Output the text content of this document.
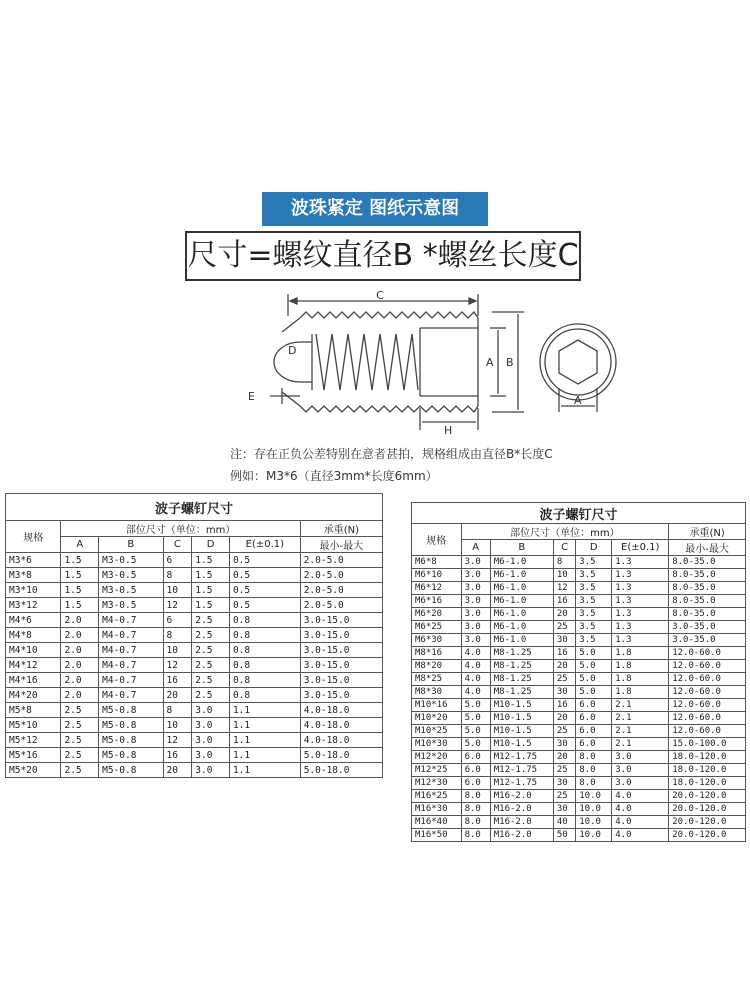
波珠紧定 图纸示意图
尺寸=螺纹直径B *螺丝长度C
C
D
A B
E
H
A
注：存在正负公差特别在意者甚拍，规格组成由直径B*长度C
例如：M3*6（直径3mm*长度6mm）
波子螺钉尺寸						
规格	部位尺寸（单位：mm）					承重(N)
	A	B	C	D	E(±0.1)	最小-最大
M3*6	1.5	M3-0.5	6	1.5	0.5	2.0-5.0
M3*8	1.5	M3-0.5	8	1.5	0.5	2.0-5.0
M3*10	1.5	M3-0.5	10	1.5	0.5	2.0-5.0
M3*12	1.5	M3-0.5	12	1.5	0.5	2.0-5.0
M4*6	2.0	M4-0.7	6	2.5	0.8	3.0-15.0
M4*8	2.0	M4-0.7	8	2.5	0.8	3.0-15.0
M4*10	2.0	M4-0.7	10	2.5	0.8	3.0-15.0
M4*12	2.0	M4-0.7	12	2.5	0.8	3.0-15.0
M4*16	2.0	M4-0.7	16	2.5	0.8	3.0-15.0
M4*20	2.0	M4-0.7	20	2.5	0.8	3.0-15.0
M5*8	2.5	M5-0.8	8	3.0	1.1	4.0-18.0
M5*10	2.5	M5-0.8	10	3.0	1.1	4.0-18.0
M5*12	2.5	M5-0.8	12	3.0	1.1	4.0-18.0
M5*16	2.5	M5-0.8	16	3.0	1.1	5.0-18.0
M5*20	2.5	M5-0.8	20	3.0	1.1	5.0-18.0
波子螺钉尺寸						
规格	部位尺寸（单位：mm）					承重(N)
	A	B	C	D	E(±0.1)	最小-最大
M6*8	3.0	M6-1.0	8	3.5	1.3	8.0-35.0
M6*10	3.0	M6-1.0	10	3.5	1.3	8.0-35.0
M6*12	3.0	M6-1.0	12	3.5	1.3	8.0-35.0
M6*16	3.0	M6-1.0	16	3.5	1.3	8.0-35.0
M6*20	3.0	M6-1.0	20	3.5	1.3	8.0-35.0
M6*25	3.0	M6-1.0	25	3.5	1.3	3.0-35.0
M6*30	3.0	M6-1.0	30	3.5	1.3	3.0-35.0
M8*16	4.0	M8-1.25	16	5.0	1.8	12.0-60.0
M8*20	4.0	M8-1.25	20	5.0	1.8	12.0-60.0
M8*25	4.0	M8-1.25	25	5.0	1.8	12.0-60.0
M8*30	4.0	M8-1.25	30	5.0	1.8	12.0-60.0
M10*16	5.0	M10-1.5	16	6.0	2.1	12.0-60.0
M10*20	5.0	M10-1.5	20	6.0	2.1	12.0-60.0
M10*25	5.0	M10-1.5	25	6.0	2.1	12.0-60.0
M10*30	5.0	M10-1.5	30	6.0	2.1	15.0-100.0
M12*20	6.0	M12-1.75	20	8.0	3.0	18.0-120.0
M12*25	6.0	M12-1.75	25	8.0	3.0	18.0-120.0
M12*30	6.0	M12-1.75	30	8.0	3.0	18.0-120.0
M16*25	8.0	M16-2.0	25	10.0	4.0	20.0-120.0
M16*30	8.0	M16-2.0	30	10.0	4.0	20.0-120.0
M16*40	8.0	M16-2.0	40	10.0	4.0	20.0-120.0
M16*50	8.0	M16-2.0	50	10.0	4.0	20.0-120.0
